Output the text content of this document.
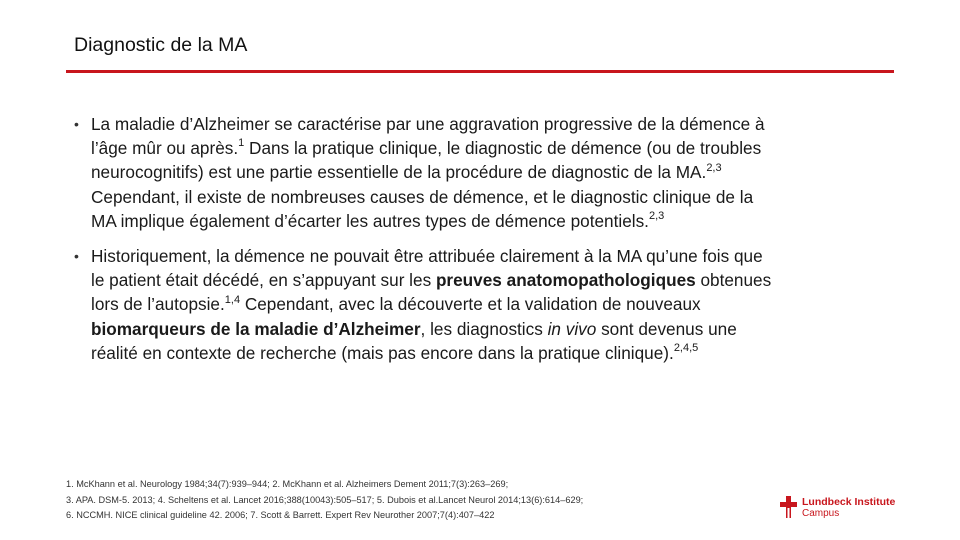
Diagnostic de la MA
• La maladie d’Alzheimer se caractérise par une aggravation progressive de la démence à l’âge mûr ou après.$^1$ Dans la pratique clinique, le diagnostic de démence (ou de troubles neurocognitifs) est une partie essentielle de la procédure de diagnostic de la MA.$^{2,3}$ Cependant, il existe de nombreuses causes de démence, et le diagnostic clinique de la MA implique également d’écarter les autres types de démence potentiels.$^{2,3}$
• Historiquement, la démence ne pouvait être attribuée clairement à la MA qu’une fois que le patient était décédé, en s’appuyant sur les preuves anatomopathologiques obtenues lors de l’autopsie.$^{1,4}$ Cependant, avec la découverte et la validation de nouveaux biomarqueurs de la maladie d’Alzheimer, les diagnostics in vivo sont devenus une réalité en contexte de recherche (mais pas encore dans la pratique clinique).$^{2,4,5}$
1. McKhann et al. Neurology 1984;34(7):939–944; 2. McKhann et al. Alzheimers Dement 2011;7(3):263–269;
3. APA. DSM-5. 2013; 4. Scheltens et al. Lancet 2016;388(10043):505–517; 5. Dubois et al.Lancet Neurol 2014;13(6):614–629;
6. NCCMH. NICE clinical guideline 42. 2006; 7. Scott & Barrett. Expert Rev Neurother 2007;7(4):407–422
Lundbeck Institute
Campus
